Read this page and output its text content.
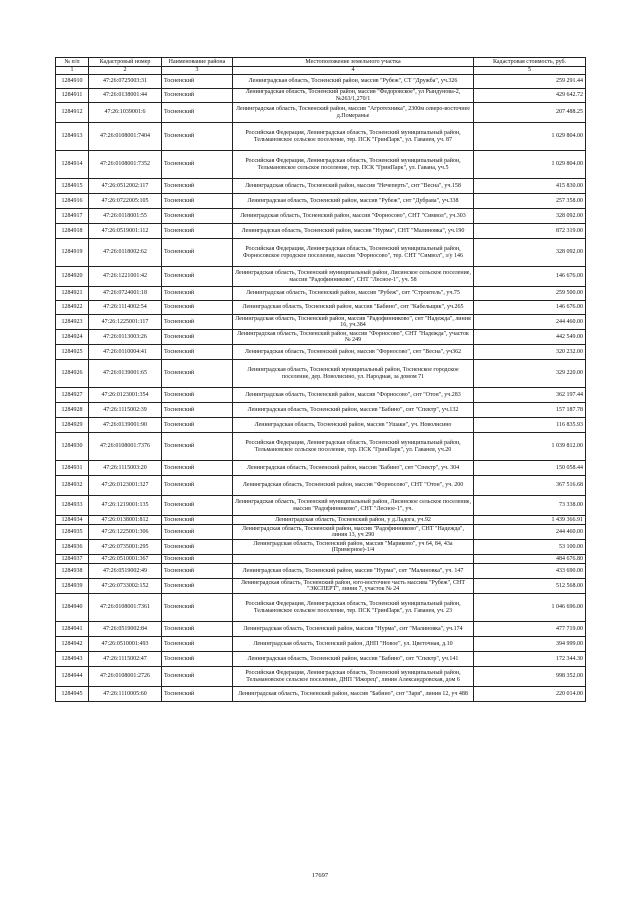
№ п/п	Кадастровый номер	Наименование района	Местоположение земельного участка	Кадастровая стоимость, руб.
1	2	3	4	5
1284910	47:26:0725003:31	Тосненский	Ленинградская область, Тосненский район, массив "Рубеж", СТ "Дружба", уч.326	259 291.44
1284911	47:26:0138001:44	Тосненский	Ленинградская область, Тосненский район, массив "Федоровское", ул Рындунова-2, №263/1,270/1	429 642.72
1284912	47:26:1039001:6	Тосненский	Ленинградская область, Тосненский район, массив "Агротехника", 2300м северо-восточнее д.Померанье	207 488.25
1284913	47:26:0108001:7404	Тосненский	Российская Федерация, Ленинградская область, Тосненский муниципальный район, Тельмановское сельское поселение, тер. ПСК "ГринПарк", ул. Гаванея, уч. 87	1 029 804.00
1284914	47:26:0108001:7352	Тосненский	Российская Федерация, Ленинградская область, Тосненский муниципальный район, Тельмановское сельское поселение, тер. ПСК "ГринПарк", ул. Гавана, уч.5	1 029 804.00
1284915	47:26:0512002:117	Тосненский	Ленинградская область, Тосненский район, массив "Нечеперть", снт "Весна", уч.158	415 830.00
1284916	47:26:0722005:105	Тосненский	Ленинградская область, Тосненский район, массив "Рубеж", снт "Дубрава", уч.338	257 358.00
1284917	47:26:0118001:55	Тосненский	Ленинградская область, Тосненский район, массив "Форносово", СНТ "Символ", уч.303	328 092.00
1284918	47:26:0519001:112	Тосненский	Ленинградская область, Тосненский район, массив "Нурма", СНТ "Малиновка", уч.190	872 319.00
1284919	47:26:0118002:62	Тосненский	Российская Федерация, Ленинградская область, Тосненский муниципальный район, Форносовское городское поселение, массив "Форносово", тер. СНТ "Символ", з/у 146	328 092.00
1284920	47:26:1221001:42	Тосненский	Ленинградская область, Тосненский муниципальный район, Лисинское сельское поселение, массив "Радофинниково", СНТ "Лесное-1", уч. 58	146 676.00
1284921	47:26:0724001:18	Тосненский	Ленинградская область, Тосненский район, массив "Рубеж", снт "Строитель", уч.75	259 500.00
1284922	47:26:1114002:54	Тосненский	Ленинградская область, Тосненский район, массив "Бабино", снт "Кабельщик", уч.265	146 676.00
1284923	47:26:1225001:117	Тосненский	Ленинградская область, Тосненский район, массив "Радофинниково", снт "Надежда", линия 16, уч.384	244 460.00
1284924	47:26:0113003:26	Тосненский	Ленинградская область, Тосненский район, массив "Форносово", СНТ "Надежда", участок № 249	442 549.00
1284925	47:26:0110004:41	Тосненский	Ленинградская область, Тосненский район, массив "Форносово", снт "Весна", уч362	320 232.00
1284926	47:26:0139001:65	Тосненский	Ленинградская область, Тосненский муниципальный район, Тосненское городское поселение, дер. Новолисино, ул. Народная, за домом 71	329 220.00
1284927	47:26:0123001:354	Тосненский	Ленинградская область, Тосненский район, массив "Форносово", снт "Отон", уч.283	362 197.44
1284928	47:26:1115002:39	Тосненский	Ленинградская область, Тосненский район, массив "Бабино", снт "Спектр", уч.132	157 187.78
1284929	47:26:0139001:90	Тосненский	Ленинградская область, Тосненский район, массив "Ушаки", уч. Новолисино	116 835.93
1284930	47:26:0108001:7376	Тосненский	Российская Федерация, Ленинградская область, Тосненский муниципальный район, Тельмановское сельское поселение, тер. ПСК "ГринПарк", ул. Гаванея, уч.20	1 039 812.00
1284931	47:26:1115003:20	Тосненский	Ленинградская область, Тосненский район, массив "Бабино", снт "Спектр", уч. 304	150 058.44
1284932	47:26:0123001:327	Тосненский	Ленинградская область, Тосненский район, массив "Форносово", СНТ "Отон", уч. 200	367 516.68
1284933	47:26:1219001:135	Тосненский	Ленинградская область, Тосненский муниципальный район, Лисинское сельское поселение, массив "Радофинниково", СНТ "Лесное-1", уч.	73 338.00
1284934	47:26:0138001:812	Тосненский	Ленинградская область, Тосненский район, у д.Ладога, уч.92	1 439 366.91
1284935	47:26:1225001:306	Тосненский	Ленинградская область, Тосненский район, массив "Радофинниково", СНТ "Надежда", линия 13, уч 290	244 460.00
1284936	47:26:0735001:295	Тосненский	Ленинградская область, Тосненский район, массив "Мариково", уч 64, 84, 43а (Примерное)-1/4	53 100.00
1284937	47:26:0510001:367	Тосненский		484 676.80
1284938	47:26:0519002:49	Тосненский	Ленинградская область, Тосненский район, массив "Нурма", снт "Малиновка", уч. 147	433 690.00
1284939	47:26:0733002:152	Тосненский	Ленинградская область, Тосненский район, юго-восточнее часть массива "Рубеж", СНТ "ЭКСПЕРТ", линия 7, участок № 24	512 568.00
1284940	47:26:0108001:7361	Тосненский	Российская Федерация, Ленинградская область, Тосненский муниципальный район, Тельмановское сельское поселение, тер. ПСК "ГринПарк", ул. Гаванея, уч. 23	1 046 696.00
1284941	47:26:0519002:84	Тосненский	Ленинградская область, Тосненский район, массив "Нурма", снт "Малиновка", уч.174	477 719.00
1284942	47:26:0510001:493	Тосненский	Ленинградская область, Тосненский район, ДНП "Новое", ул. Цветочная, д.10	394 999.00
1284943	47:26:1115002:47	Тосненский	Ленинградская область, Тосненский район, массив "Бабино", снт "Спектр", уч.141	172 344.30
1284944	47:26:0108001:2726	Тосненский	Российская Федерация, Ленинградская область, Тосненский муниципальный район, Тельмановское сельское поселение, ДНП "Ижорец", линия Александровская, дом 6	998 352.00
1284945	47:26:1110005:60	Тосненский	Ленинградская область, Тосненский район, массив "Бабино", снт "Заря", линия 12, уч 488	220 014.00
17697
